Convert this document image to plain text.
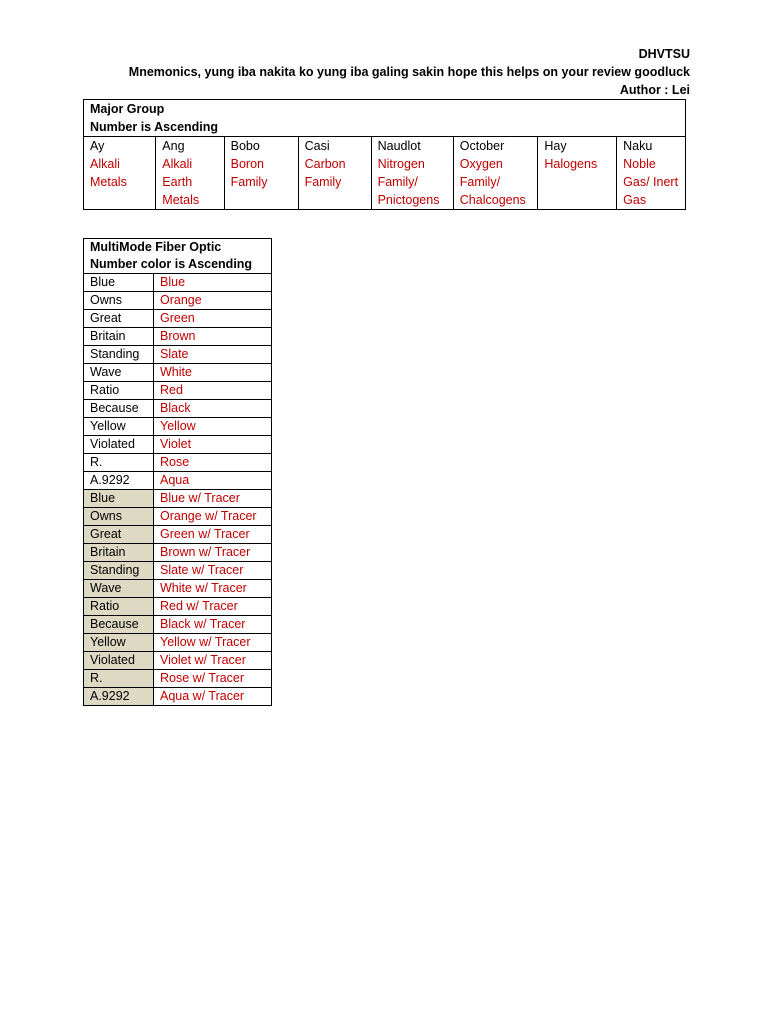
DHVTSU
Mnemonics, yung iba nakita ko yung iba galing sakin hope this helps on your review goodluck
Author : Lei
Major Group							
Number is Ascending							
Ay	Ang	Bobo	Casi	Naudlot	October	Hay	Naku
Alkali Metals	Alkali Earth Metals	Boron Family	Carbon Family	Nitrogen Family/ Pnictogens	Oxygen Family/ Chalcogens	Halogens	Noble Gas/ Inert Gas
MultiMode Fiber Optic	
Number color is Ascending	
Blue	Blue
Owns	Orange
Great	Green
Britain	Brown
Standing	Slate
Wave	White
Ratio	Red
Because	Black
Yellow	Yellow
Violated	Violet
R.	Rose
A.9292	Aqua
Blue	Blue w/ Tracer
Owns	Orange w/ Tracer
Great	Green w/ Tracer
Britain	Brown w/ Tracer
Standing	Slate w/ Tracer
Wave	White w/ Tracer
Ratio	Red w/ Tracer
Because	Black w/ Tracer
Yellow	Yellow w/ Tracer
Violated	Violet w/ Tracer
R.	Rose w/ Tracer
A.9292	Aqua w/ Tracer
